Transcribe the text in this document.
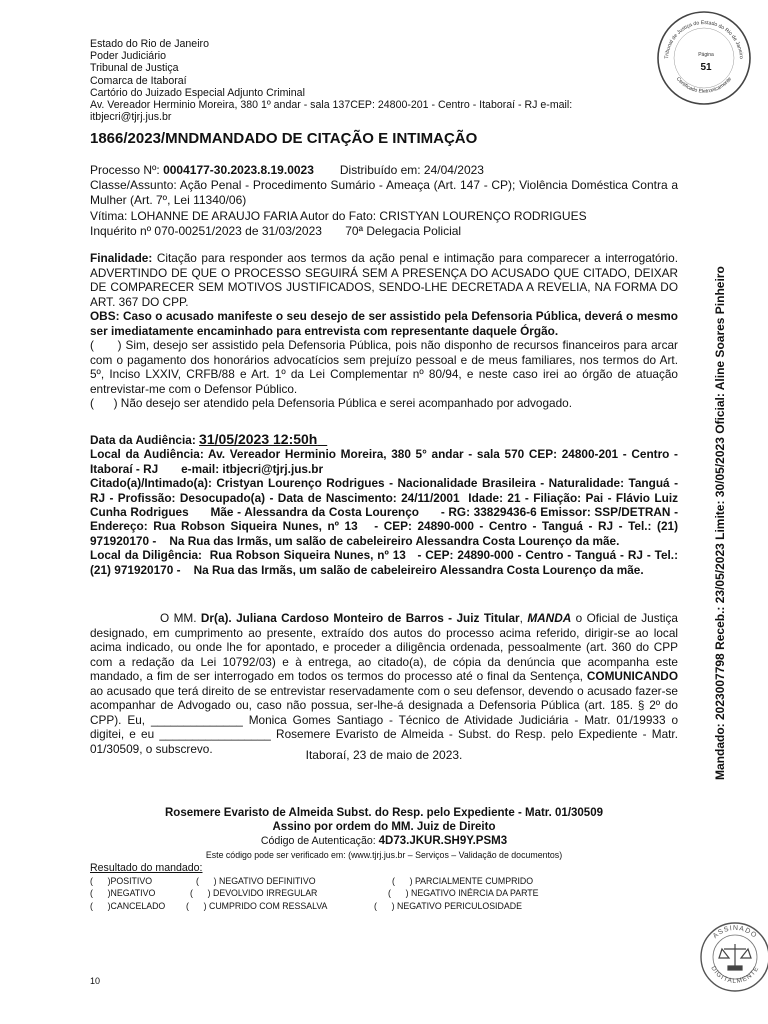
Tribunal de Justiça do Estado do Rio de Janeiro
Certificado Eletronicamente
Página
51
Estado do Rio de Janeiro
Poder Judiciário
Tribunal de Justiça
Comarca de Itaboraí
Cartório do Juizado Especial Adjunto Criminal
Av. Vereador Herminio Moreira, 380 1º andar - sala 137CEP: 24800-201 - Centro - Itaboraí - RJ e-mail:
itbjecri@tjrj.jus.br
1866/2023/MNDMANDADO DE CITAÇÃO E INTIMAÇÃO
Processo Nº: 0004177-30.2023.8.19.0023 Distribuído em: 24/04/2023
Classe/Assunto: Ação Penal - Procedimento Sumário - Ameaça (Art. 147 - CP); Violência Doméstica Contra a Mulher (Art. 7º, Lei 11340/06)
Vítima: LOHANNE DE ARAUJO FARIA Autor do Fato: CRISTYAN LOURENÇO RODRIGUES
Inquérito nº 070-00251/2023 de 31/03/2023       70ª Delegacia Policial
Finalidade: Citação para responder aos termos da ação penal e intimação para comparecer a interrogatório. ADVERTINDO DE QUE O PROCESSO SEGUIRÁ SEM A PRESENÇA DO ACUSADO QUE CITADO, DEIXAR DE COMPARECER SEM MOTIVOS JUSTIFICADOS, SENDO-LHE DECRETADA A REVELIA, NA FORMA DO ART. 367 DO CPP.
OBS: Caso o acusado manifeste o seu desejo de ser assistido pela Defensoria Pública, deverá o mesmo ser imediatamente encaminhado para entrevista com representante daquele Órgão.
(      ) Sim, desejo ser assistido pela Defensoria Pública, pois não disponho de recursos financeiros para arcar com o pagamento dos honorários advocatícios sem prejuízo pessoal e de meus familiares, nos termos do Art. 5º, Inciso LXXIV, CRFB/88 e Art. 1º da Lei Complementar nº 80/94, e neste caso irei ao órgão de atuação entrevistar-me com o Defensor Público.
(      ) Não desejo ser atendido pela Defensoria Pública e serei acompanhado por advogado.
Data da Audiência: 31/05/2023 12:50h
Local da Audiência: Av. Vereador Herminio Moreira, 380 5° andar - sala 570 CEP: 24800-201 - Centro - Itaboraí - RJ       e-mail: itbjecri@tjrj.jus.br
Citado(a)/Intimado(a): Cristyan Lourenço Rodrigues - Nacionalidade Brasileira - Naturalidade: Tanguá - RJ - Profissão: Desocupado(a) - Data de Nascimento: 24/11/2001  Idade: 21 - Filiação: Pai - Flávio Luiz Cunha Rodrigues      Mãe - Alessandra da Costa Lourenço      - RG: 33829436-6 Emissor: SSP/DETRAN - Endereço: Rua Robson Siqueira Nunes, nº 13   - CEP: 24890-000 - Centro - Tanguá - RJ - Tel.: (21) 971920170 -    Na Rua das Irmãs, um salão de cabeleireiro Alessandra Costa Lourenço da mãe.
Local da Diligência:  Rua Robson Siqueira Nunes, nº 13   - CEP: 24890-000 - Centro - Tanguá - RJ - Tel.: (21) 971920170 -    Na Rua das Irmãs, um salão de cabeleireiro Alessandra Costa Lourenço da mãe.
O MM. Dr(a). Juliana Cardoso Monteiro de Barros - Juiz Titular, MANDA o Oficial de Justiça designado, em cumprimento ao presente, extraído dos autos do processo acima referido, dirigir-se ao local acima indicado, ou onde lhe for apontado, e proceder a diligência ordenada, pessoalmente (art. 360 do CPP com a redação da Lei 10792/03) e à entrega, ao citado(a), de cópia da denúncia que acompanha este mandado, a fim de ser interrogado em todos os termos do processo até o final da Sentença, COMUNICANDO ao acusado que terá direito de se entrevistar reservadamente com o seu defensor, devendo o acusado fazer-se acompanhar de Advogado ou, caso não possua, ser-lhe-á designada a Defensoria Pública (art. 185. § 2º do CPP). Eu, ______________ Monica Gomes Santiago - Técnico de Atividade Judiciária - Matr. 01/19933 o digitei, e eu _________________ Rosemere Evaristo de Almeida - Subst. do Resp. pelo Expediente - Matr. 01/30509, o subscrevo.	Itaboraí, 23 de maio de 2023.
Rosemere Evaristo de Almeida Subst. do Resp. pelo Expediente - Matr. 01/30509
Assino por ordem do MM. Juiz de Direito
Código de Autenticação: 4D73.JKUR.SH9Y.PSM3
Este código pode ser verificado em: (www.tjrj.jus.br – Serviços – Validação de documentos)
Resultado do mandado:
(      )POSITIVO	(      ) NEGATIVO DEFINITIVO	(      ) PARCIALMENTE CUMPRIDO
(      )NEGATIVO	(      ) DEVOLVIDO IRREGULAR	(      ) NEGATIVO INÉRCIA DA PARTE
(      )CANCELADO (      ) CUMPRIDO COM RESSALVA	(      ) NEGATIVO PERICULOSIDADE
10
Mandado: 2023007798 Receb.: 23/05/2023 Limite: 30/05/2023 Oficial: Aline Soares Pinheiro
ASSINADO
DIGITALMENTE
